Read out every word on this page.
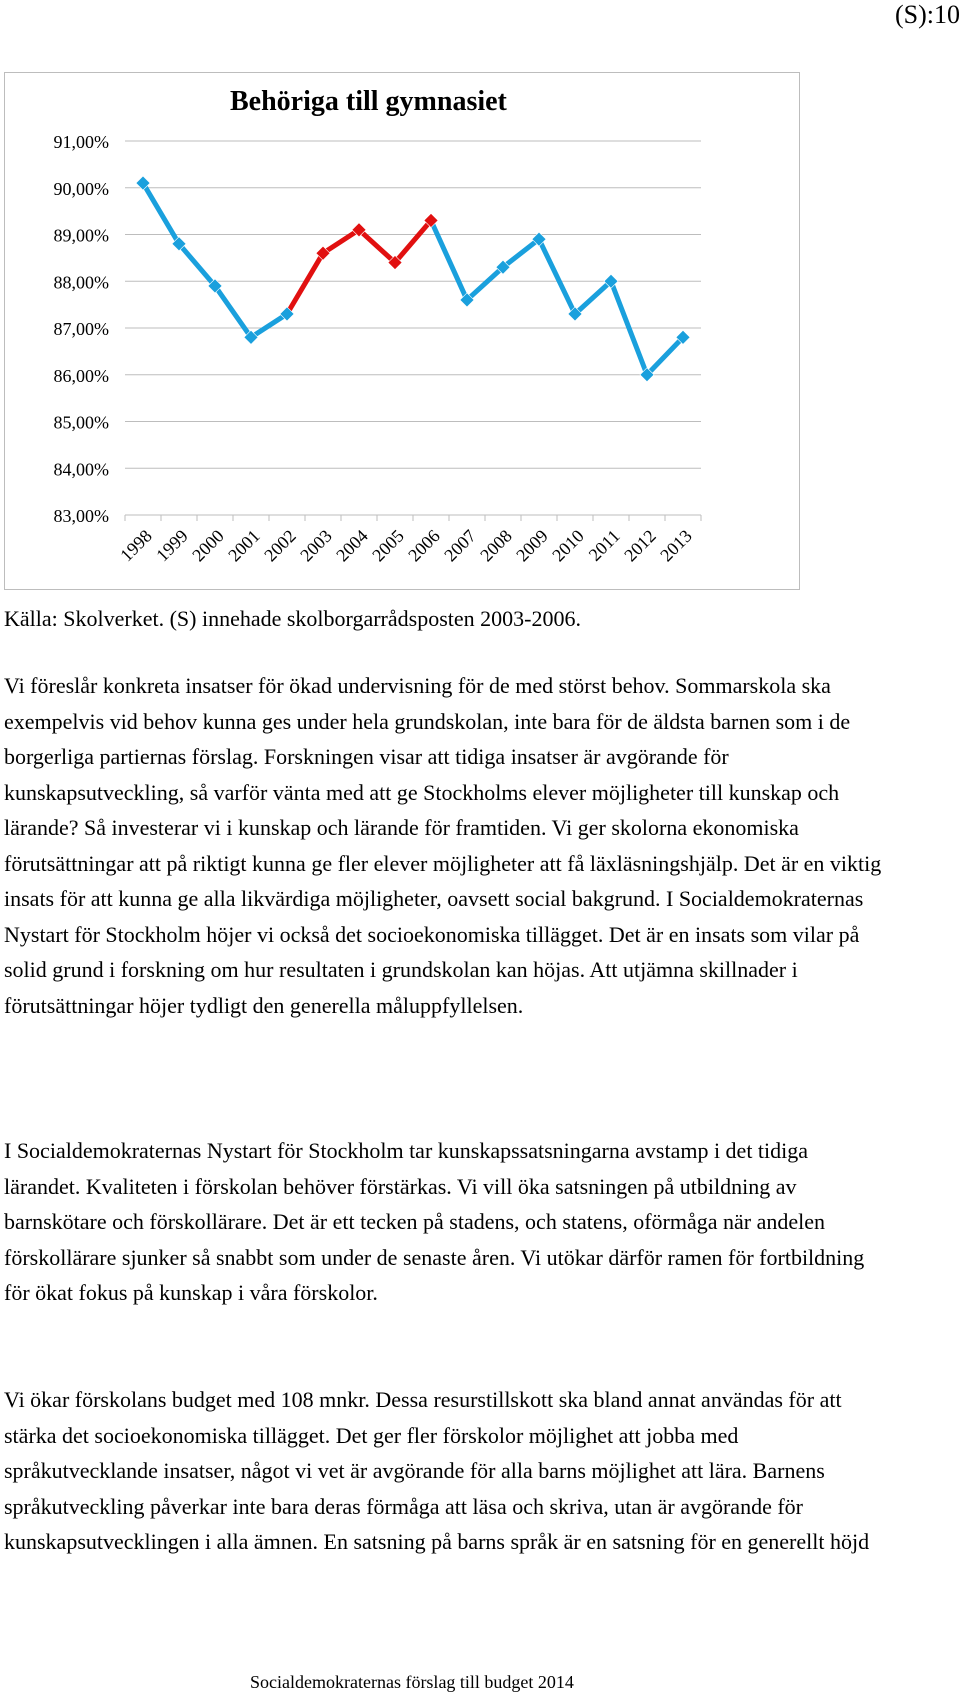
(S):10
91,00%
90,00%
89,00%
88,00%
87,00%
86,00%
85,00%
84,00%
83,00%
1998
1999
2000
2001
2002
2003
2004
2005
2006
2007
2008
2009
2010
2011
2012
2013
Behöriga till gymnasiet
Källa: Skolverket. (S) innehade skolborgarrådsposten 2003-2006.

Vi föreslår konkreta insatser för ökad undervisning för de med störst behov. Sommarskola ska exempelvis vid behov kunna ges under hela grundskolan, inte bara för de äldsta barnen som i de borgerliga partiernas förslag. Forskningen visar att tidiga insatser är avgörande för kunskapsutveckling, så varför vänta med att ge Stockholms elever möjligheter till kunskap och lärande? Så investerar vi i kunskap och lärande för framtiden. Vi ger skolorna ekonomiska förutsättningar att på riktigt kunna ge fler elever möjligheter att få läxläsningshjälp. Det är en viktig insats för att kunna ge alla likvärdiga möjligheter, oavsett social bakgrund. I Socialdemokraternas Nystart för Stockholm höjer vi också det socioekonomiska tillägget. Det är en insats som vilar på solid grund i forskning om hur resultaten i grundskolan kan höjas. Att utjämna skillnader i förutsättningar höjer tydligt den generella måluppfyllelsen.

I Socialdemokraternas Nystart för Stockholm tar kunskapssatsningarna avstamp i det tidiga lärandet. Kvaliteten i förskolan behöver förstärkas. Vi vill öka satsningen på utbildning av barnskötare och förskollärare. Det är ett tecken på stadens, och statens, oförmåga när andelen förskollärare sjunker så snabbt som under de senaste åren. Vi utökar därför ramen för fortbildning för ökat fokus på kunskap i våra förskolor.

Vi ökar förskolans budget med 108 mnkr. Dessa resurstillskott ska bland annat användas för att stärka det socioekonomiska tillägget. Det ger fler förskolor möjlighet att jobba med språkutvecklande insatser, något vi vet är avgörande för alla barns möjlighet att lära. Barnens språkutveckling påverkar inte bara deras förmåga att läsa och skriva, utan är avgörande för kunskapsutvecklingen i alla ämnen. En satsning på barns språk är en satsning för en generellt höjd

Socialdemokraternas förslag till budget 2014
